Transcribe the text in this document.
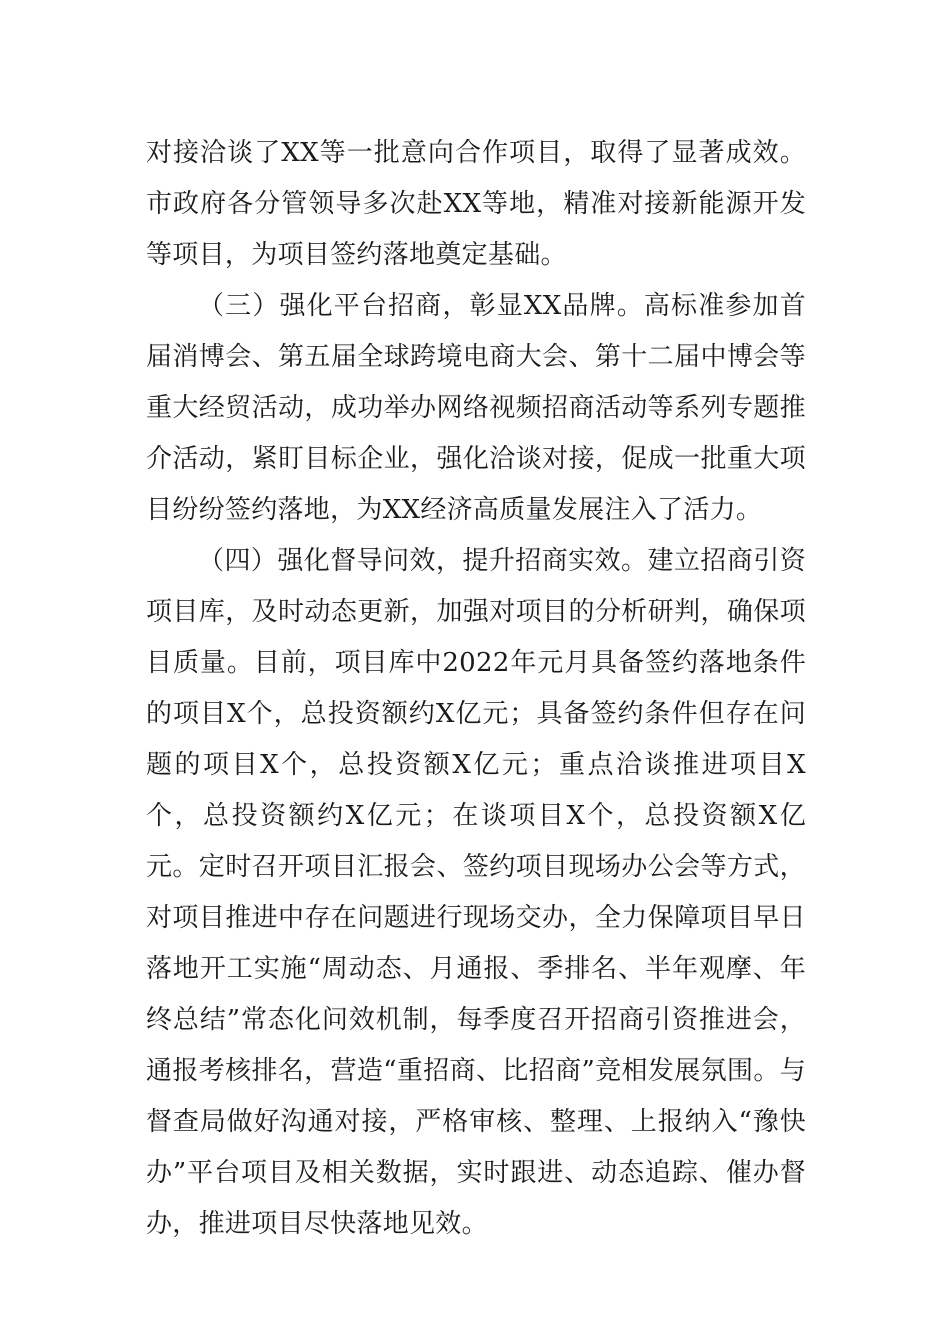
对接洽谈了XX等一批意向合作项目，取得了显著成效。市政府各分管领导多次赴XX等地，精准对接新能源开发等项目，为项目签约落地奠定基础。

（三）强化平台招商，彰显XX品牌。高标准参加首届消博会、第五届全球跨境电商大会、第十二届中博会等重大经贸活动，成功举办网络视频招商活动等系列专题推介活动，紧盯目标企业，强化洽谈对接，促成一批重大项目纷纷签约落地，为XX经济高质量发展注入了活力。

（四）强化督导问效，提升招商实效。建立招商引资项目库，及时动态更新，加强对项目的分析研判，确保项目质量。目前，项目库中2022年元月具备签约落地条件的项目X个，总投资额约X亿元；具备签约条件但存在问题的项目X个，总投资额X亿元；重点洽谈推进项目X个，总投资额约X亿元；在谈项目X个，总投资额X亿元。定时召开项目汇报会、签约项目现场办公会等方式，对项目推进中存在问题进行现场交办，全力保障项目早日落地开工实施“周动态、月通报、季排名、半年观摩、年终总结”常态化问效机制，每季度召开招商引资推进会，通报考核排名，营造“重招商、比招商”竞相发展氛围。与督查局做好沟通对接，严格审核、整理、上报纳入“豫快办”平台项目及相关数据，实时跟进、动态追踪、催办督办，推进项目尽快落地见效。
